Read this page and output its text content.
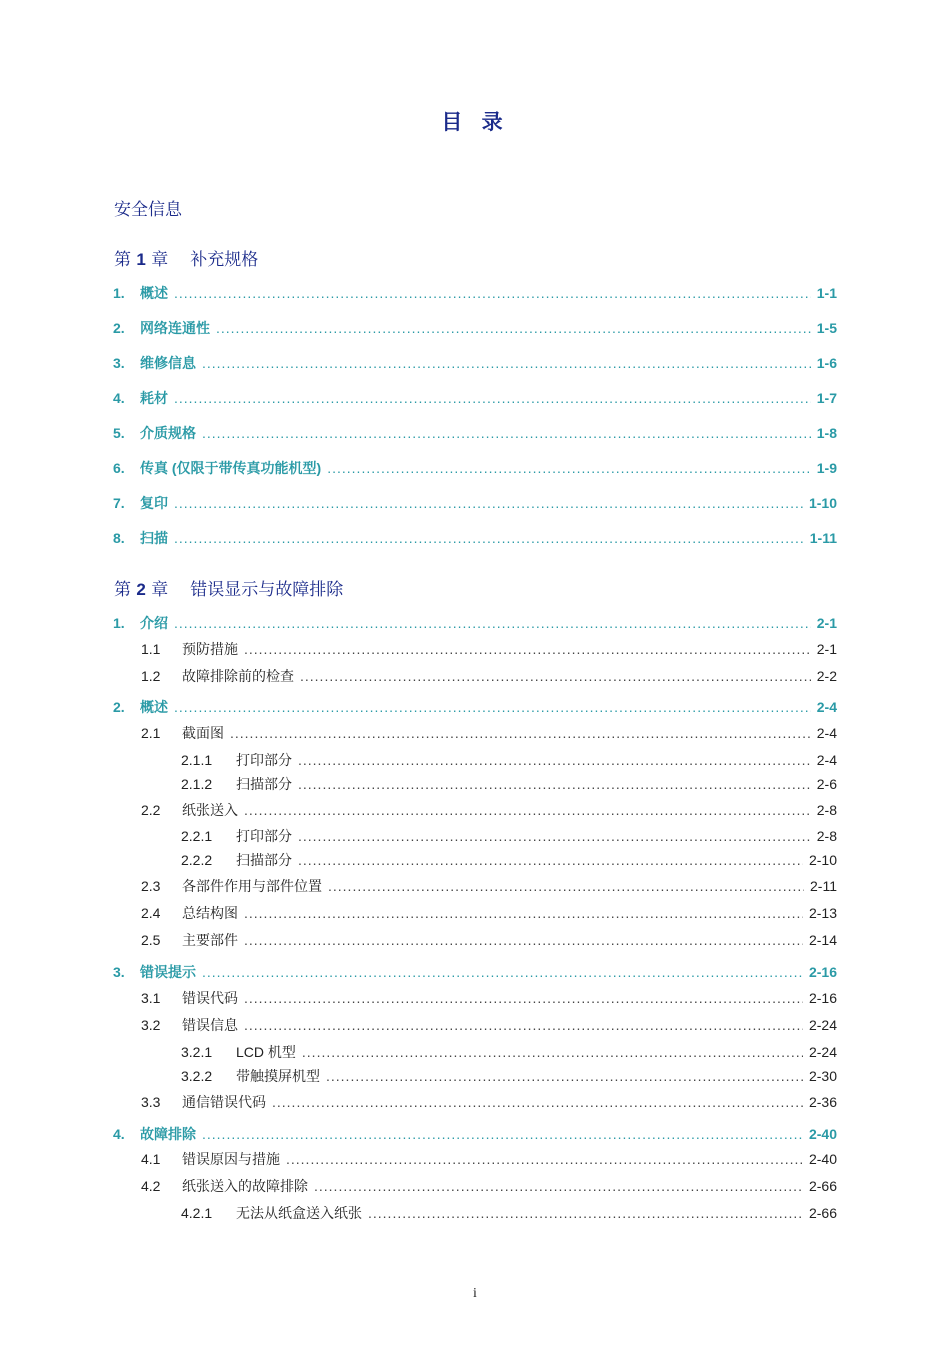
目 录
安全信息
第 1 章 补充规格
1.	概述 .....	1-1
2.	网络连通性 .....	1-5
3.	维修信息 .....	1-6
4.	耗材 .....	1-7
5.	介质规格 .....	1-8
6.	传真 (仅限于带传真功能机型) .....	1-9
7.	复印 .....	1-10
8.	扫描 .....	1-11
第 2 章 错误显示与故障排除
1.	介绍 .....	2-1
1.1	预防措施 .....	2-1
1.2	故障排除前的检查 .....	2-2
2.	概述 .....	2-4
2.1	截面图 .....	2-4
2.1.1	打印部分 .....	2-4
2.1.2	扫描部分 .....	2-6
2.2	纸张送入 .....	2-8
2.2.1	打印部分 .....	2-8
2.2.2	扫描部分 .....	2-10
2.3	各部件作用与部件位置 .....	2-11
2.4	总结构图 .....	2-13
2.5	主要部件 .....	2-14
3.	错误提示 .....	2-16
3.1	错误代码 .....	2-16
3.2	错误信息 .....	2-24
3.2.1	LCD 机型 .....	2-24
3.2.2	带触摸屏机型 .....	2-30
3.3	通信错误代码 .....	2-36
4.	故障排除 .....	2-40
4.1	错误原因与措施 .....	2-40
4.2	纸张送入的故障排除 .....	2-66
4.2.1	无法从纸盒送入纸张 .....	2-66
i
